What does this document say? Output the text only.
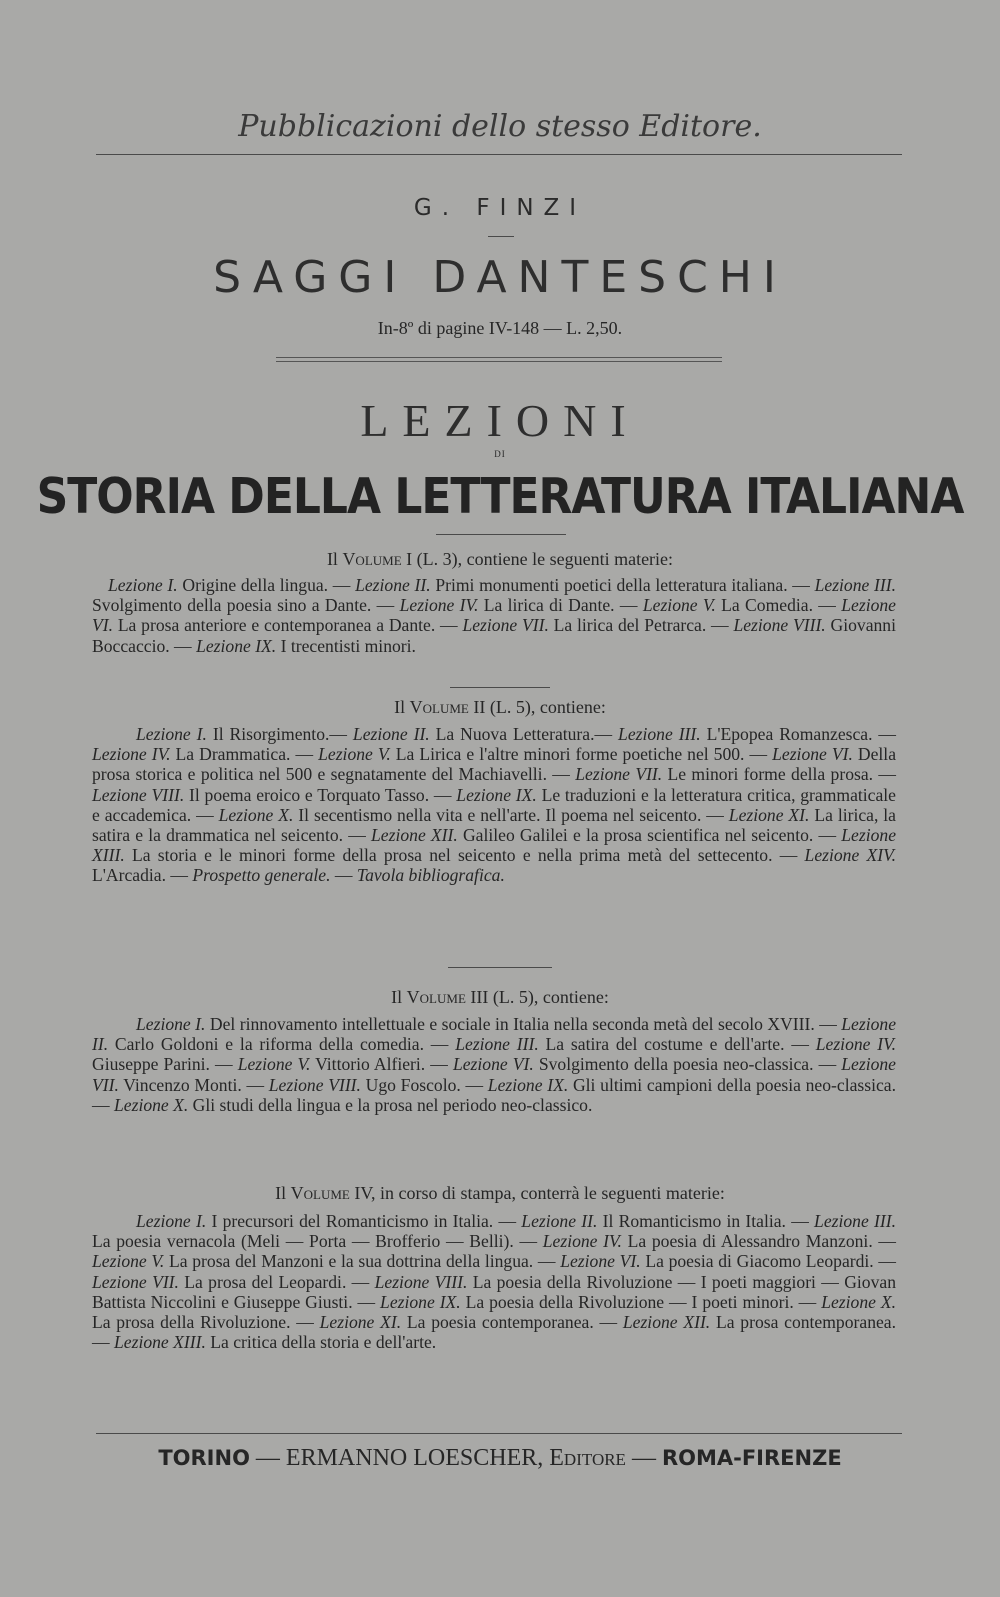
Pubblicazioni dello stesso Editore.
G. FINZI
SAGGI DANTESCHI
In-8º di pagine IV-148 — L. 2,50.
LEZIONI
DI
STORIA DELLA LETTERATURA ITALIANA
Il Volume I (L. 3), contiene le seguenti materie:
Lezione I. Origine della lingua. — Lezione II. Primi monumenti poetici della letteratura italiana. — Lezione III. Svolgimento della poesia sino a Dante. — Lezione IV. La lirica di Dante. — Lezione V. La Comedia. — Lezione VI. La prosa anteriore e contemporanea a Dante. — Lezione VII. La lirica del Petrarca. — Lezione VIII. Giovanni Boccaccio. — Lezione IX. I trecentisti minori.
Il Volume II (L. 5), contiene:
Lezione I. Il Risorgimento.— Lezione II. La Nuova Letteratura.— Lezione III. L'Epopea Romanzesca. — Lezione IV. La Drammatica. — Lezione V. La Lirica e l'altre minori forme poetiche nel 500. — Lezione VI. Della prosa storica e politica nel 500 e segnatamente del Machiavelli. — Lezione VII. Le minori forme della prosa. — Lezione VIII. Il poema eroico e Torquato Tasso. — Lezione IX. Le traduzioni e la letteratura critica, grammaticale e accademica. — Lezione X. Il secentismo nella vita e nell'arte. Il poema nel seicento. — Lezione XI. La lirica, la satira e la drammatica nel seicento. — Lezione XII. Galileo Galilei e la prosa scientifica nel seicento. — Lezione XIII. La storia e le minori forme della prosa nel seicento e nella prima metà del settecento. — Lezione XIV. L'Arcadia. — Prospetto generale. — Tavola bibliografica.
Il Volume III (L. 5), contiene:
Lezione I. Del rinnovamento intellettuale e sociale in Italia nella seconda metà del secolo XVIII. — Lezione II. Carlo Goldoni e la riforma della comedia. — Lezione III. La satira del costume e dell'arte. — Lezione IV. Giuseppe Parini. — Lezione V. Vittorio Alfieri. — Lezione VI. Svolgimento della poesia neo-classica. — Lezione VII. Vincenzo Monti. — Lezione VIII. Ugo Foscolo. — Lezione IX. Gli ultimi campioni della poesia neo-classica. — Lezione X. Gli studi della lingua e la prosa nel periodo neo-classico.
Il Volume IV, in corso di stampa, conterrà le seguenti materie:
Lezione I. I precursori del Romanticismo in Italia. — Lezione II. Il Romanticismo in Italia. — Lezione III. La poesia vernacola (Meli — Porta — Brofferio — Belli). — Lezione IV. La poesia di Alessandro Manzoni. — Lezione V. La prosa del Manzoni e la sua dottrina della lingua. — Lezione VI. La poesia di Giacomo Leopardi. — Lezione VII. La prosa del Leopardi. — Lezione VIII. La poesia della Rivoluzione — I poeti maggiori — Giovan Battista Niccolini e Giuseppe Giusti. — Lezione IX. La poesia della Rivoluzione — I poeti minori. — Lezione X. La prosa della Rivoluzione. — Lezione XI. La poesia contemporanea. — Lezione XII. La prosa contemporanea. — Lezione XIII. La critica della storia e dell'arte.
TORINO — ERMANNO LOESCHER, Editore — ROMA-FIRENZE
